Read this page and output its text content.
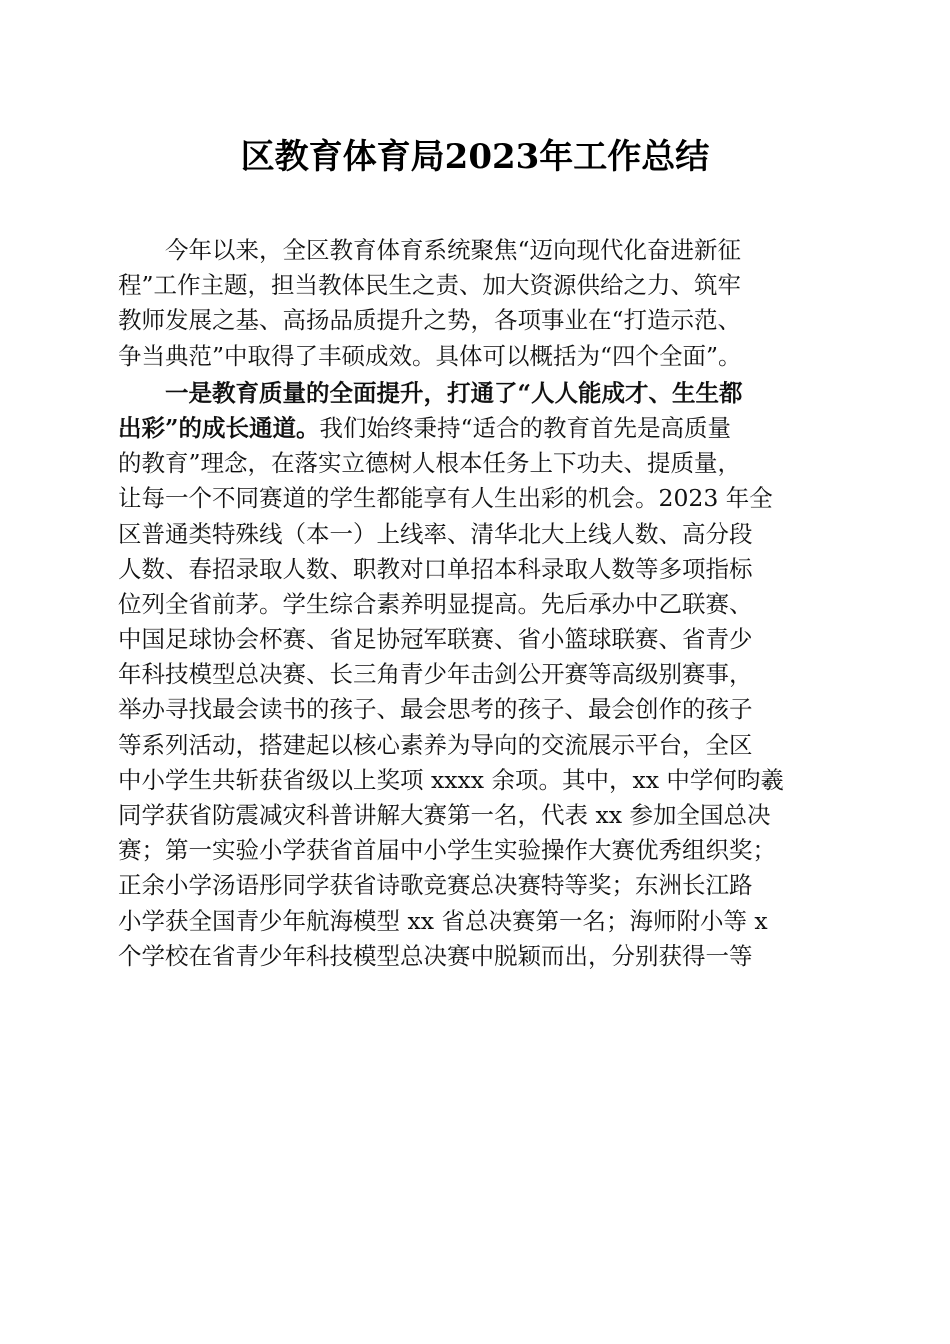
区教育体育局2023年工作总结
今年以来，全区教育体育系统聚焦“迈向现代化奋进新征
程”工作主题，担当教体民生之责、加大资源供给之力、筑牢
教师发展之基、高扬品质提升之势，各项事业在“打造示范、
争当典范”中取得了丰硕成效。具体可以概括为“四个全面”。
一是教育质量的全面提升，打通了“人人能成才、生生都
出彩”的成长通道。我们始终秉持“适合的教育首先是高质量
的教育”理念，在落实立德树人根本任务上下功夫、提质量，
让每一个不同赛道的学生都能享有人生出彩的机会。2023 年全
区普通类特殊线（本一）上线率、清华北大上线人数、高分段
人数、春招录取人数、职教对口单招本科录取人数等多项指标
位列全省前茅。学生综合素养明显提高。先后承办中乙联赛、
中国足球协会杯赛、省足协冠军联赛、省小篮球联赛、省青少
年科技模型总决赛、长三角青少年击剑公开赛等高级别赛事，
举办寻找最会读书的孩子、最会思考的孩子、最会创作的孩子
等系列活动，搭建起以核心素养为导向的交流展示平台，全区
中小学生共斩获省级以上奖项 xxxx 余项。其中，xx 中学何昀羲
同学获省防震减灾科普讲解大赛第一名，代表 xx 参加全国总决
赛；第一实验小学获省首届中小学生实验操作大赛优秀组织奖；
正余小学汤语彤同学获省诗歌竞赛总决赛特等奖；东洲长江路
小学获全国青少年航海模型 xx 省总决赛第一名；海师附小等 x
个学校在省青少年科技模型总决赛中脱颖而出，分别获得一等
